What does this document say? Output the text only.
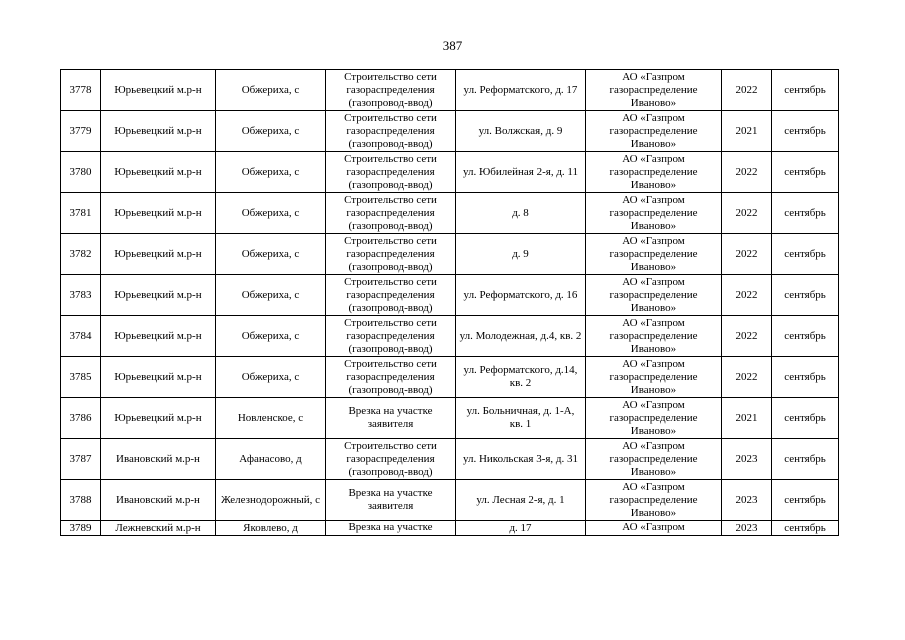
387
3778	Юрьевецкий м.р-н	Обжериха, с	Строительство сети газораспределения (газопровод-ввод)	ул. Реформатского, д. 17	АО «Газпром газораспределение Иваново»	2022	сентябрь
3779	Юрьевецкий м.р-н	Обжериха, с	Строительство сети газораспределения (газопровод-ввод)	ул. Волжская, д. 9	АО «Газпром газораспределение Иваново»	2021	сентябрь
3780	Юрьевецкий м.р-н	Обжериха, с	Строительство сети газораспределения (газопровод-ввод)	ул. Юбилейная 2-я, д. 11	АО «Газпром газораспределение Иваново»	2022	сентябрь
3781	Юрьевецкий м.р-н	Обжериха, с	Строительство сети газораспределения (газопровод-ввод)	д. 8	АО «Газпром газораспределение Иваново»	2022	сентябрь
3782	Юрьевецкий м.р-н	Обжериха, с	Строительство сети газораспределения (газопровод-ввод)	д. 9	АО «Газпром газораспределение Иваново»	2022	сентябрь
3783	Юрьевецкий м.р-н	Обжериха, с	Строительство сети газораспределения (газопровод-ввод)	ул. Реформатского, д. 16	АО «Газпром газораспределение Иваново»	2022	сентябрь
3784	Юрьевецкий м.р-н	Обжериха, с	Строительство сети газораспределения (газопровод-ввод)	ул. Молодежная, д.4, кв. 2	АО «Газпром газораспределение Иваново»	2022	сентябрь
3785	Юрьевецкий м.р-н	Обжериха, с	Строительство сети газораспределения (газопровод-ввод)	ул. Реформатского, д.14, кв. 2	АО «Газпром газораспределение Иваново»	2022	сентябрь
3786	Юрьевецкий м.р-н	Новленское, с	Врезка на участке заявителя	ул. Больничная, д. 1-А, кв. 1	АО «Газпром газораспределение Иваново»	2021	сентябрь
3787	Ивановский м.р-н	Афанасово, д	Строительство сети газораспределения (газопровод-ввод)	ул. Никольская 3-я, д. 31	АО «Газпром газораспределение Иваново»	2023	сентябрь
3788	Ивановский м.р-н	Железнодорожный, с	Врезка на участке заявителя	ул. Лесная 2-я, д. 1	АО «Газпром газораспределение Иваново»	2023	сентябрь
3789	Лежневский м.р-н	Яковлево, д	Врезка на участке	д. 17	АО «Газпром	2023	сентябрь
